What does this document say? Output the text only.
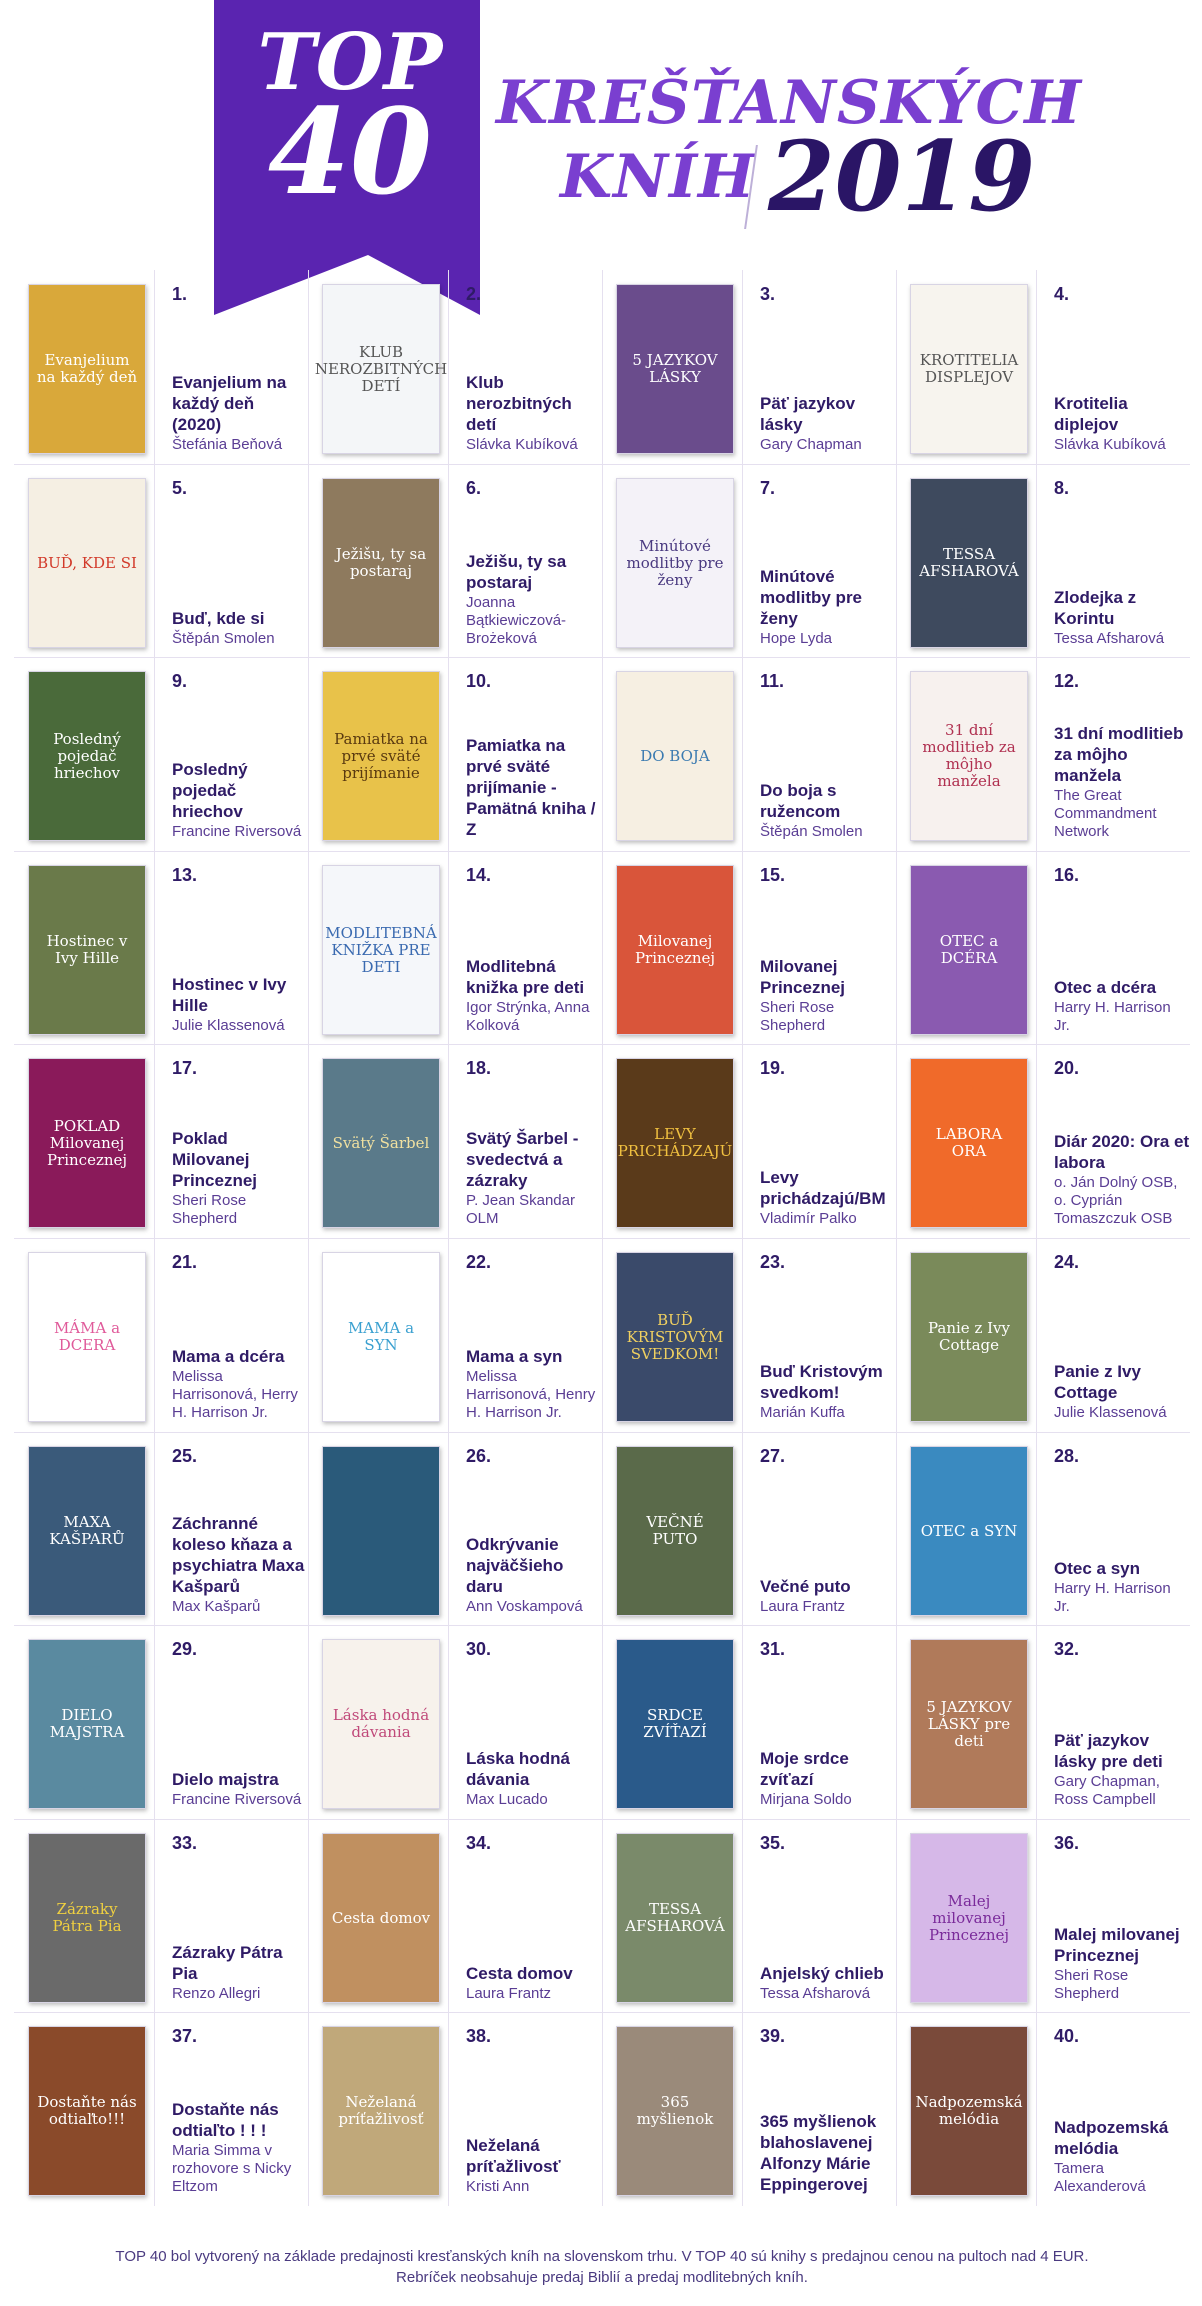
TOP
40 KREŠŤANSKÝCH
KNÍH 2019
Evanjelium na každý deň
1.
Evanjelium na každý deň (2020)
Štefánia Beňová
KLUB NEROZBITNÝCH DETÍ
2.
Klub nerozbitných detí
Slávka Kubíková
5 JAZYKOV LÁSKY
3.
Päť jazykov lásky
Gary Chapman
KROTITELIA DISPLEJOV
4.
Krotitelia diplejov
Slávka Kubíková
BUĎ, KDE SI
5.
Buď, kde si
Štěpán Smolen
Ježišu, ty sa postaraj
6.
Ježišu, ty sa postaraj
Joanna Bątkiewiczová-Brożeková
Minútové modlitby pre ženy
7.
Minútové modlitby pre ženy
Hope Lyda
TESSA AFSHAROVÁ
8.
Zlodejka z Korintu
Tessa Afsharová
Posledný pojedač hriechov
9.
Posledný pojedač hriechov
Francine Riversová
Pamiatka na prvé sväté prijímanie
10.
Pamiatka na prvé sväté prijímanie - Pamätná kniha / Z
DO BOJA
11.
Do boja s ružencom
Štěpán Smolen
31 dní modlitieb za môjho manžela
12.
31 dní modlitieb za môjho manžela
The Great Commandment Network
Hostinec v Ivy Hille
13.
Hostinec v Ivy Hille
Julie Klassenová
MODLITEBNÁ KNIŽKA PRE DETI
14.
Modlitebná knižka pre deti
Igor Strýnka, Anna Kolková
Milovanej Princeznej
15.
Milovanej Princeznej
Sheri Rose Shepherd
OTEC a DCÉRA
16.
Otec a dcéra
Harry H. Harrison Jr.
POKLAD Milovanej Princeznej
17.
Poklad Milovanej Princeznej
Sheri Rose Shepherd
Svätý Šarbel
18.
Svätý Šarbel - svedectvá a zázraky
P. Jean Skandar OLM
LEVY PRICHÁDZAJÚ
19.
Levy prichádzajú/BM
Vladimír Palko
LABORA ORA
20.
Diár 2020: Ora et labora
o. Ján Dolný OSB, o. Cyprián Tomaszczuk OSB
MÁMA a DCERA
21.
Mama a dcéra
Melissa Harrisonová, Herry H. Harrison Jr.
MAMA a SYN
22.
Mama a syn
Melissa Harrisonová, Henry H. Harrison Jr.
BUĎ KRISTOVÝM SVEDKOM!
23.
Buď Kristovým svedkom!
Marián Kuffa
Panie z Ivy Cottage
24.
Panie z Ivy Cottage
Julie Klassenová
MAXA KAŠPARŮ
25.
Záchranné koleso kňaza a psychiatra Maxa Kašparů
Max Kašparů
26.
Odkrývanie najväčšieho daru
Ann Voskampová
VEČNÉ PUTO
27.
Večné puto
Laura Frantz
OTEC a SYN
28.
Otec a syn
Harry H. Harrison Jr.
DIELO MAJSTRA
29.
Dielo majstra
Francine Riversová
Láska hodná dávania
30.
Láska hodná dávania
Max Lucado
SRDCE ZVÍŤAZÍ
31.
Moje srdce zvíťazí
Mirjana Soldo
5 JAZYKOV LÁSKY pre deti
32.
Päť jazykov lásky pre deti
Gary Chapman, Ross Campbell
Zázraky Pátra Pia
33.
Zázraky Pátra Pia
Renzo Allegri
Cesta domov
34.
Cesta domov
Laura Frantz
TESSA AFSHAROVÁ
35.
Anjelský chlieb
Tessa Afsharová
Malej milovanej Princeznej
36.
Malej milovanej Princeznej
Sheri Rose Shepherd
Dostaňte nás odtiaľto!!!
37.
Dostaňte nás odtiaľto ! ! !
Maria Simma v rozhovore s Nicky Eltzom
Neželaná príťažlivosť
38.
Neželaná príťažlivosť
Kristi Ann
365 myšlienok
39.
365 myšlienok blahoslavenej Alfonzy Márie Eppingerovej
Nadpozemská melódia
40.
Nadpozemská melódia
Tamera Alexanderová
TOP 40 bol vytvorený na základe predajnosti kresťanských kníh na slovenskom trhu. V TOP 40 sú knihy s predajnou cenou na pultoch nad 4 EUR.
Rebríček neobsahuje predaj Biblií a predaj modlitebných kníh.
